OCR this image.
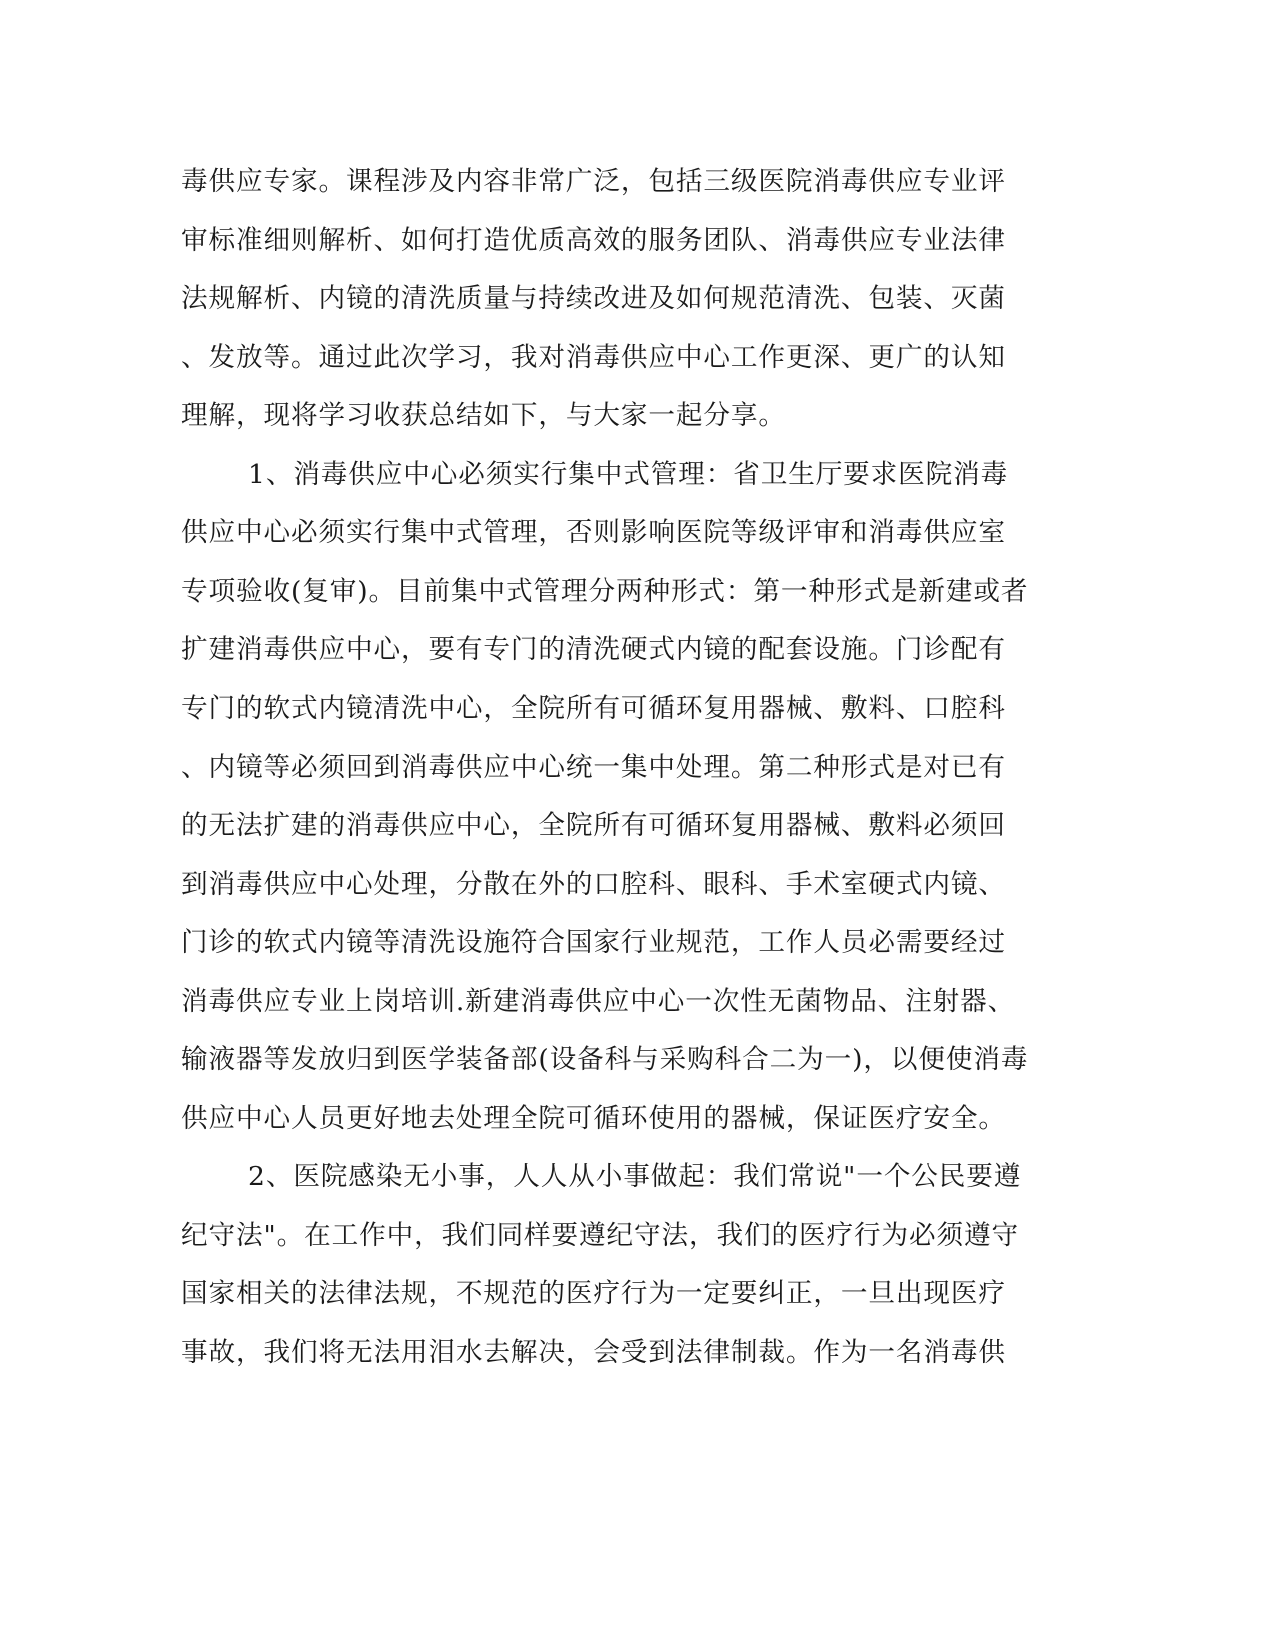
毒供应专家。课程涉及内容非常广泛，包括三级医院消毒供应专业评
审标准细则解析、如何打造优质高效的服务团队、消毒供应专业法律
法规解析、内镜的清洗质量与持续改进及如何规范清洗、包装、灭菌
、发放等。通过此次学习，我对消毒供应中心工作更深、更广的认知
理解，现将学习收获总结如下，与大家一起分享。
1、消毒供应中心必须实行集中式管理：省卫生厅要求医院消毒
供应中心必须实行集中式管理，否则影响医院等级评审和消毒供应室
专项验收(复审)。目前集中式管理分两种形式：第一种形式是新建或者
扩建消毒供应中心，要有专门的清洗硬式内镜的配套设施。门诊配有
专门的软式内镜清洗中心，全院所有可循环复用器械、敷料、口腔科
、内镜等必须回到消毒供应中心统一集中处理。第二种形式是对已有
的无法扩建的消毒供应中心，全院所有可循环复用器械、敷料必须回
到消毒供应中心处理，分散在外的口腔科、眼科、手术室硬式内镜、
门诊的软式内镜等清洗设施符合国家行业规范，工作人员必需要经过
消毒供应专业上岗培训.新建消毒供应中心一次性无菌物品、注射器、
输液器等发放归到医学装备部(设备科与采购科合二为一)，以便使消毒
供应中心人员更好地去处理全院可循环使用的器械，保证医疗安全。
2、医院感染无小事，人人从小事做起：我们常说"一个公民要遵
纪守法"。在工作中，我们同样要遵纪守法，我们的医疗行为必须遵守
国家相关的法律法规，不规范的医疗行为一定要纠正，一旦出现医疗
事故，我们将无法用泪水去解决，会受到法律制裁。作为一名消毒供
